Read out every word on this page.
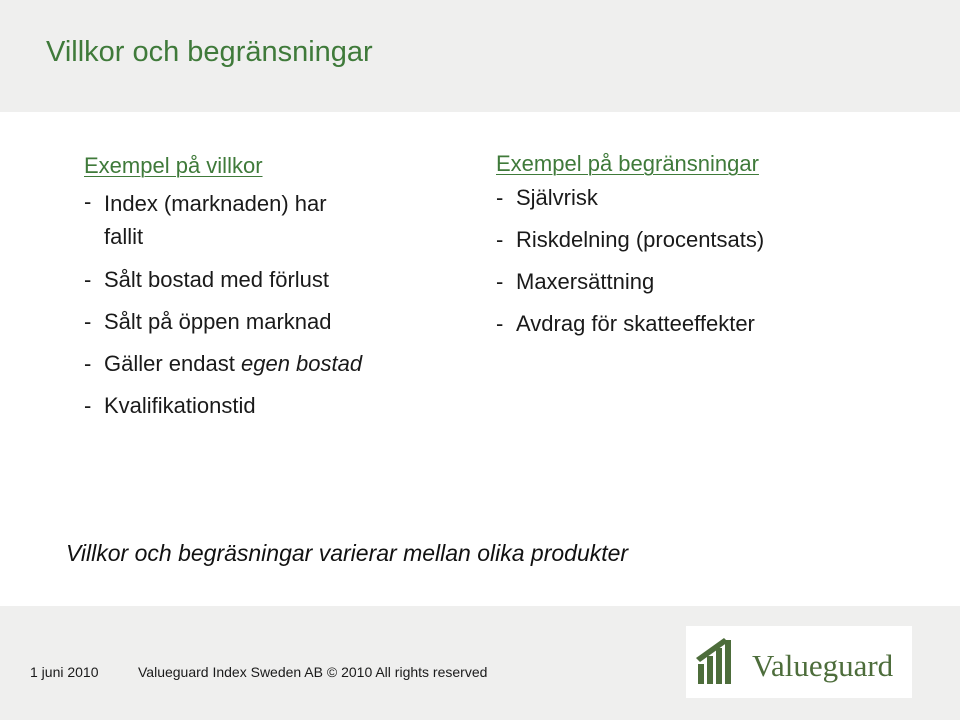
Villkor och begränsningar
Exempel på villkor
- Index (marknaden) har fallit
- Sålt bostad med förlust
- Sålt på öppen marknad
- Gäller endast egen bostad
- Kvalifikationstid
Exempel på begränsningar
- Självrisk
- Riskdelning (procentsats)
- Maxersättning
- Avdrag för skatteeffekter
Villkor och begräsningar varierar mellan olika produkter
1 juni 2010	Valueguard Index Sweden AB © 2010 All rights reserved	Valueguard
